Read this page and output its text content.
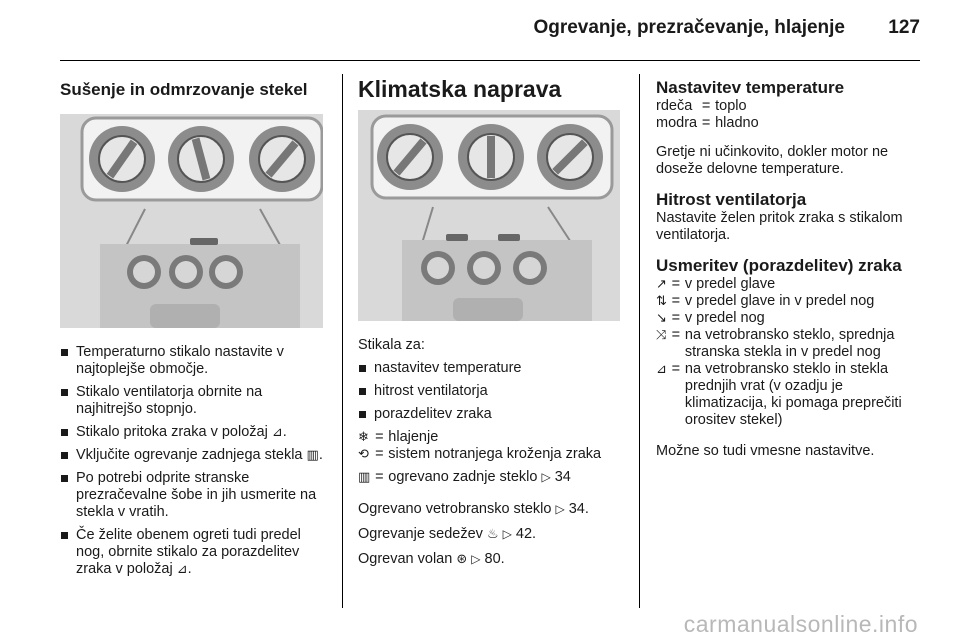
Ogrevanje, prezračevanje, hlajenje 127
Sušenje in odmrzovanje stekel
Temperaturno stikalo nastavite v najtoplejše območje.
Stikalo ventilatorja obrnite na najhitrejšo stopnjo.
Stikalo pritoka zraka v položaj ⊿.
Vključite ogrevanje zadnjega stekla ▥.
Po potrebi odprite stranske prezračevalne šobe in jih usmerite na stekla v vratih.
Če želite obenem ogreti tudi predel nog, obrnite stikalo za porazdelitev zraka v položaj ⊿.
Klimatska naprava

Stikala za:

nastavitev temperature
hitrost ventilatorja
porazdelitev zraka
❄ = hlajenje
⟲ = sistem notranjega kroženja zraka
▥ = ogrevano zadnje steklo ▷ 34

Ogrevano vetrobransko steklo ▷ 34.

Ogrevanje sedežev ♨ ▷ 42.

Ogrevan volan ⊛ ▷ 80.

Nastavitev temperature
rdeča = toplo
modra = hladno

Gretje ni učinkovito, dokler motor ne doseže delovne temperature.

Hitrost ventilatorja

Nastavite želen pritok zraka s stikalom ventilatorja.

Usmeritev (porazdelitev) zraka
↗ = v predel glave
⇅ = v predel glave in v predel nog
↘ = v predel nog
⤨ = na vetrobransko steklo, sprednja stranska stekla in v predel nog
⊿ = na vetrobransko steklo in stekla prednjih vrat (v ozadju je klimatizacija, ki pomaga preprečiti orositev stekel)

Možne so tudi vmesne nastavitve.

carmanualsonline.info
